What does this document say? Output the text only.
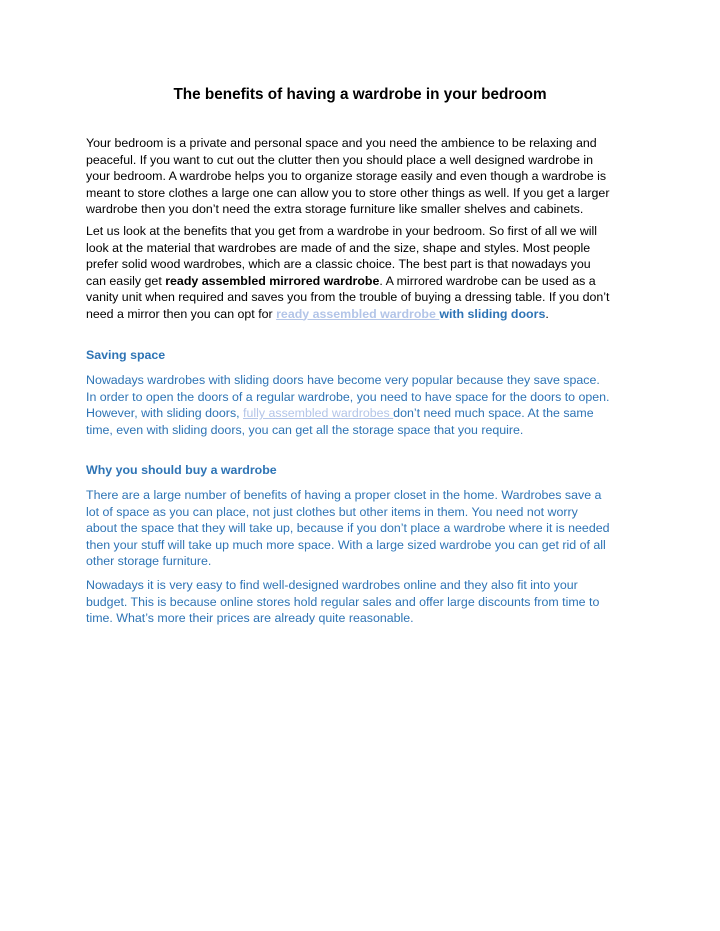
The benefits of having a wardrobe in your bedroom

Your bedroom is a private and personal space and you need the ambience to be relaxing and
peaceful. If you want to cut out the clutter then you should place a well designed wardrobe in
your bedroom. A wardrobe helps you to organize storage easily and even though a wardrobe is
meant to store clothes a large one can allow you to store other things as well. If you get a larger
wardrobe then you don’t need the extra storage furniture like smaller shelves and cabinets.

Let us look at the benefits that you get from a wardrobe in your bedroom. So first of all we will
look at the material that wardrobes are made of and the size, shape and styles. Most people
prefer solid wood wardrobes, which are a classic choice. The best part is that nowadays you
can easily get ready assembled mirrored wardrobe. A mirrored wardrobe can be used as a
vanity unit when required and saves you from the trouble of buying a dressing table. If you don’t
need a mirror then you can opt for ready assembled wardrobe with sliding doors.

Saving space

Nowadays wardrobes with sliding doors have become very popular because they save space.
In order to open the doors of a regular wardrobe, you need to have space for the doors to open.
However, with sliding doors, fully assembled wardrobes don’t need much space. At the same
time, even with sliding doors, you can get all the storage space that you require.

Why you should buy a wardrobe

There are a large number of benefits of having a proper closet in the home. Wardrobes save a
lot of space as you can place, not just clothes but other items in them. You need not worry
about the space that they will take up, because if you don’t place a wardrobe where it is needed
then your stuff will take up much more space. With a large sized wardrobe you can get rid of all
other storage furniture.

Nowadays it is very easy to find well-designed wardrobes online and they also fit into your
budget. This is because online stores hold regular sales and offer large discounts from time to
time. What’s more their prices are already quite reasonable.
